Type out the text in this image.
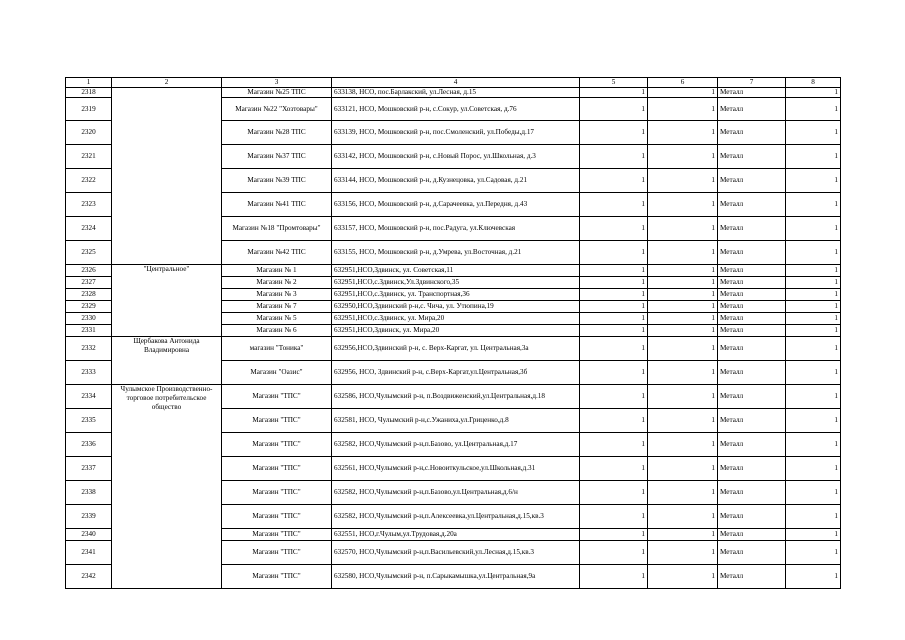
1	2	3	4	5	6	7	8
2318		Магазин №25 ТПС	633138, НСО, пос.Барлакский, ул.Лесная, д.15	1	1	Металл	1
2319		Магазин №22 "Хозтовары"	633121, НСО, Мошковский р-н, с.Сокур, ул.Советская, д.76	1	1	Металл	1
2320		Магазин №28 ТПС	633139, НСО, Мошковский р-н, пос.Смоленский, ул.Победы,д.17	1	1	Металл	1
2321		Магазин №37 ТПС	633142, НСО, Мошковский р-н, с.Новый Порос, ул.Школьная, д.3	1	1	Металл	1
2322		Магазин №39 ТПС	633144, НСО, Мошковский р-н, д.Кузнецовка, ул.Садовая, д.21	1	1	Металл	1
2323		Магазин №41 ТПС	633156, НСО, Мошковский р-н, д.Сарачеевка, ул.Передня, д.43	1	1	Металл	1
2324		Магазин №18 "Промтовары"	633157, НСО, Мошковский р-н, пос.Радуга, ул.Ключевская	1	1	Металл	1
2325		Магазин №42 ТПС	633155, НСО, Мошковский р-н, д.Умрева, ул.Восточная, д.21	1	1	Металл	1
2326	"Центральное"	Магазин № 1	632951,НСО,Здвинск, ул. Советская,11	1	1	Металл	1
2327		Магазин № 2	632951,НСО,с.Здвинск,Ул.Здвинского,35	1	1	Металл	1
2328		Магазин № 3	632951,НСО,с.Здвинск, ул. Транспортная,36	1	1	Металл	1
2329		Магазин № 7	632950,НСО,Здвинский р-н,с. Чича, ул. Утюпина,19	1	1	Металл	1
2330		Магазин № 5	632951,НСО,с.Здвинск, ул. Мира,20	1	1	Металл	1
2331		Магазин № 6	632951,НСО,Здвинск, ул. Мира,20	1	1	Металл	1
2332	Щербакова Антонида Владимировна	магазин "Тоника"	632956,НСО,Здвинский р-н, с. Верх-Каргат, ул. Центральная,3а	1	1	Металл	1
2333		Магазин "Оазис"	632956, НСО, Здвинский р-н, с.Верх-Каргат,ул.Центральная,3б	1	1	Металл	1
2334	Чулымское Производственно-торговое потребительское общество	Магазин "ТПС"	632586, НСО,Чулымский р-н, п.Воздвиженский,ул.Центральная,д.18	1	1	Металл	1
2335		Магазин "ТПС"	632581, НСО, Чулымский р-н,с.Ужаниха,ул.Гриценко,д.8	1	1	Металл	1
2336		Магазин "ТПС"	632582, НСО,Чулымский р-н,п.Базово, ул.Центральная,д.17	1	1	Металл	1
2337		Магазин "ТПС"	632561, НСО,Чулымский р-н,с.Новоиткульское,ул.Школьная,д.31	1	1	Металл	1
2338		Магазин "ТПС"	632582, НСО,Чулымский р-н,п.Базово,ул.Центральная,д.6/н	1	1	Металл	1
2339		Магазин "ТПС"	632582, НСО,Чулымский р-н,п.Алексеевка,ул.Центральная,д.15,кв.3	1	1	Металл	1
2340		Магазин "ТПС"	632551, НСО,г.Чулым,ул.Трудовая,д.20а	1	1	Металл	1
2341		Магазин "ТПС"	632570, НСО,Чулымский р-н,п.Васильевский,ул.Лесная,д.15,кв.3	1	1	Металл	1
2342		Магазин "ТПС"	632580, НСО,Чулымский р-н, п.Сарыкамышка,ул.Центральная,9а	1	1	Металл	1
